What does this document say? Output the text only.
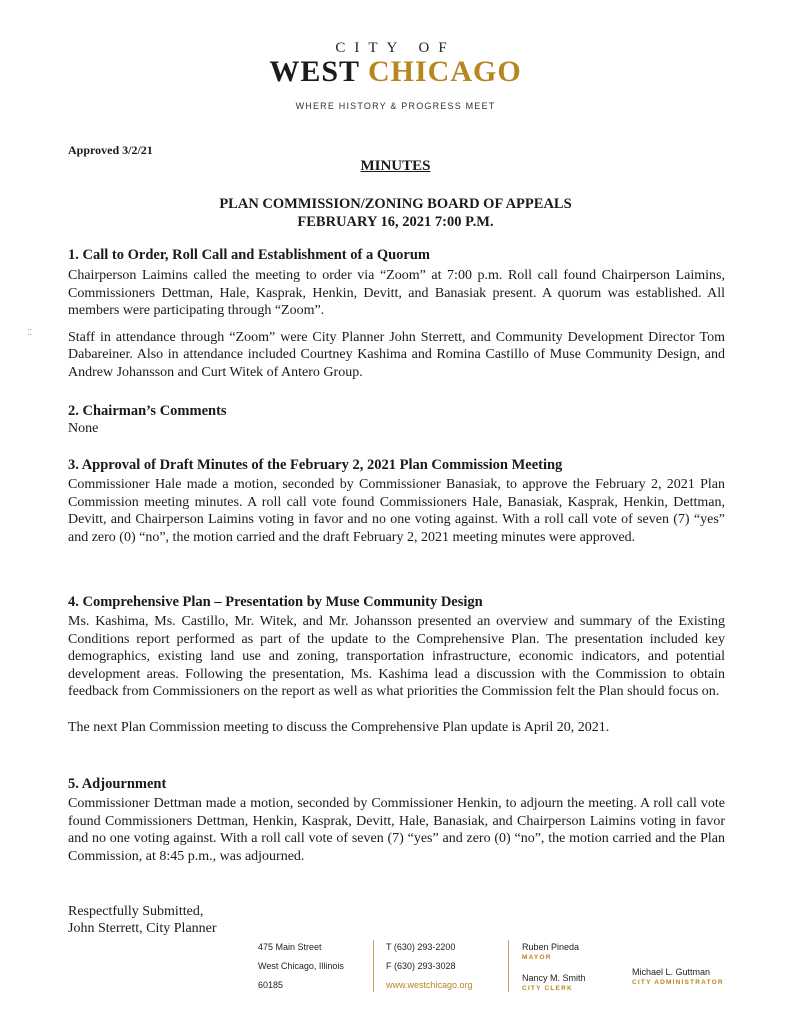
CITY OF
WEST CHICAGO
WHERE HISTORY & PROGRESS MEET
Approved 3/2/21
MINUTES
PLAN COMMISSION/ZONING BOARD OF APPEALS
FEBRUARY 16, 2021 7:00 P.M.
⁚⁚
1. Call to Order, Roll Call and Establishment of a Quorum

Chairperson Laimins called the meeting to order via “Zoom” at 7:00 p.m. Roll call found Chairperson Laimins, Commissioners Dettman, Hale, Kasprak, Henkin, Devitt, and Banasiak present. A quorum was established. All members were participating through “Zoom”.

Staff in attendance through “Zoom” were City Planner John Sterrett, and Community Development Director Tom Dabareiner. Also in attendance included Courtney Kashima and Romina Castillo of Muse Community Design, and Andrew Johansson and Curt Witek of Antero Group.

2. Chairman’s Comments

None

3. Approval of Draft Minutes of the February 2, 2021 Plan Commission Meeting

Commissioner Hale made a motion, seconded by Commissioner Banasiak, to approve the February 2, 2021 Plan Commission meeting minutes. A roll call vote found Commissioners Hale, Banasiak, Kasprak, Henkin, Dettman, Devitt, and Chairperson Laimins voting in favor and no one voting against. With a roll call vote of seven (7) “yes” and zero (0) “no”, the motion carried and the draft February 2, 2021 meeting minutes were approved.

4. Comprehensive Plan – Presentation by Muse Community Design

Ms. Kashima, Ms. Castillo, Mr. Witek, and Mr. Johansson presented an overview and summary of the Existing Conditions report performed as part of the update to the Comprehensive Plan. The presentation included key demographics, existing land use and zoning, transportation infrastructure, economic indicators, and potential development areas. Following the presentation, Ms. Kashima lead a discussion with the Commission to obtain feedback from Commissioners on the report as well as what priorities the Commission felt the Plan should focus on.

The next Plan Commission meeting to discuss the Comprehensive Plan update is April 20, 2021.

5. Adjournment

Commissioner Dettman made a motion, seconded by Commissioner Henkin, to adjourn the meeting. A roll call vote found Commissioners Dettman, Henkin, Kasprak, Devitt, Hale, Banasiak, and Chairperson Laimins voting in favor and no one voting against. With a roll call vote of seven (7) “yes” and zero (0) “no”, the motion carried and the Plan Commission, at 8:45 p.m., was adjourned.

Respectfully Submitted,
John Sterrett, City Planner
475 Main Street
West Chicago, Illinois
60185
T (630) 293-2200
F (630) 293-3028
www.westchicago.org
Ruben Pineda
MAYOR
Nancy M. Smith
CITY CLERK
Michael L. Guttman
CITY ADMINISTRATOR
